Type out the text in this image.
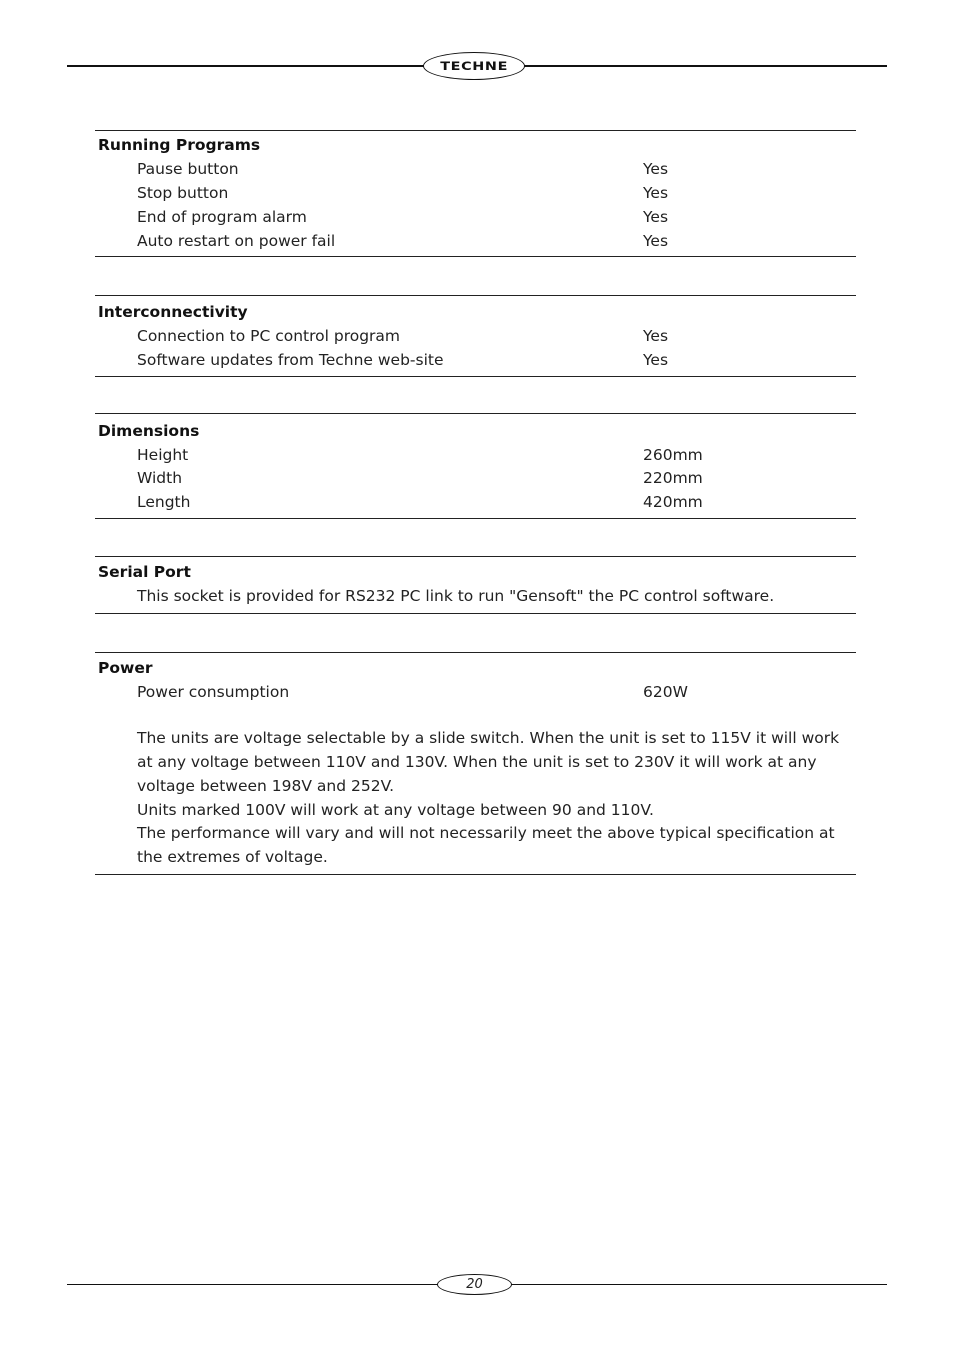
TECHNE
Running Programs
Pause button	Yes
Stop button	Yes
End of program alarm	Yes
Auto restart on power fail	Yes
Interconnectivity
Connection to PC control program	Yes
Software updates from Techne web-site	Yes
Dimensions
Height	260mm
Width	220mm
Length	420mm
Serial Port
This socket is provided for RS232 PC link to run "Gensoft" the PC control software.
Power
Power consumption	620W
The units are voltage selectable by a slide switch. When the unit is set to 115V it will work at any voltage between 110V and 130V. When the unit is set to 230V it will work at any voltage between 198V and 252V.
Units marked 100V will work at any voltage between 90 and 110V.
The performance will vary and will not necessarily meet the above typical specification at the extremes of voltage.
20
